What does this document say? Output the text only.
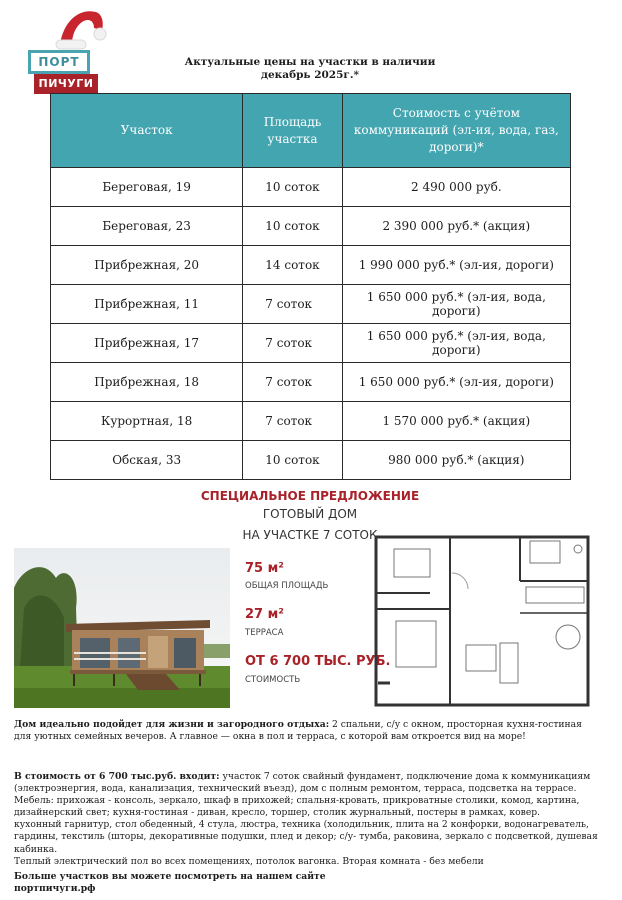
ПОРТ
ПИЧУГИ
Актуальные цены на участки в наличии
декабрь 2025г.*
Участок	Площадь участка	Стоимость с учётом коммуникаций (эл-ия, вода, газ, дороги)*
Береговая, 19	10 соток	2 490 000 руб.
Береговая, 23	10 соток	2 390 000 руб.* (акция)
Прибрежная, 20	14 соток	1 990 000 руб.* (эл-ия, дороги)
Прибрежная, 11	7 соток	1 650 000 руб.* (эл-ия, вода, дороги)
Прибрежная, 17	7 соток	1 650 000 руб.* (эл-ия, вода, дороги)
Прибрежная, 18	7 соток	1 650 000 руб.* (эл-ия, дороги)
Курортная, 18	7 соток	1 570 000 руб.* (акция)
Обская, 33	10 соток	980 000 руб.* (акция)
СПЕЦИАЛЬНОЕ ПРЕДЛОЖЕНИЕ
ГОТОВЫЙ ДОМ
НА УЧАСТКЕ 7 СОТОК
75 м²
ОБЩАЯ ПЛОЩАДЬ
27 м²
ТЕРРАСА
ОТ 6 700 ТЫС. РУБ.
СТОИМОСТЬ
Дом идеально подойдет для жизни и загородного отдыха: 2 спальни, с/у с окном, просторная кухня-гостиная
для уютных семейных вечеров. А главное — окна в пол и терраса, с которой вам откроется вид на море!
В стоимость от 6 700 тыс.руб. входит: участок 7 соток свайный фундамент, подключение дома к коммуникациям
(электроэнергия, вода, канализация, технический въезд), дом с полным ремонтом, терраса, подсветка на террасе.
Мебель: прихожая - консоль, зеркало, шкаф в прихожей; спальня-кровать, прикроватные столики, комод, картина,
дизайнерский свет; кухня-гостиная - диван, кресло, торшер, столик журнальный, постеры в рамках, ковер.
кухонный гарнитур, стол обеденный, 4 стула, люстра, техника (холодильник, плита на 2 конфорки, водонагреватель,
гардины, текстиль (шторы, декоративные подушки, плед и декор; с/у- тумба, раковина, зеркало с подсветкой, душевая кабинка.
Теплый электрический пол во всех помещениях, потолок вагонка. Вторая комната - без мебели
Больше участков вы можете посмотреть на нашем сайте
портпичуги.рф
